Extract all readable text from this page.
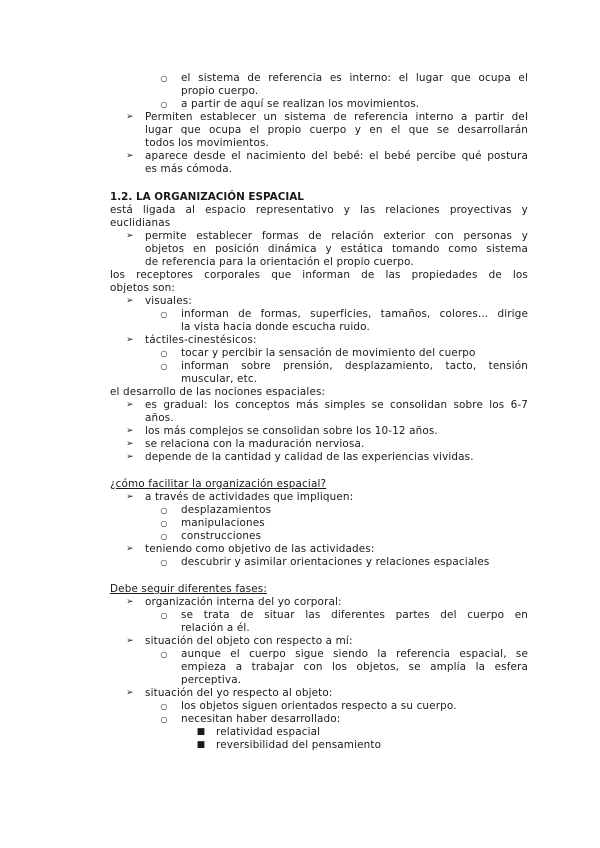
○ el sistema de referencia es interno: el lugar que ocupa el
propio cuerpo.
○ a partir de aquí se realizan los movimientos.
➢ Permiten establecer un sistema de referencia interno a partir del
lugar que ocupa el propio cuerpo y en el que se desarrollarán
todos los movimientos.
➢ aparece desde el nacimiento del bebé: el bebé percibe qué postura
es más cómoda.
1.2. LA ORGANIZACIÓN ESPACIAL
está ligada al espacio representativo y las relaciones proyectivas y
euclidianas
➢ permite establecer formas de relación exterior con personas y
objetos en posición dinámica y estática tomando como sistema
de referencia para la orientación el propio cuerpo.
los receptores corporales que informan de las propiedades de los
objetos son:
➢ visuales:
○ informan de formas, superficies, tamaños, colores... dirige
la vista hacia donde escucha ruido.
➢ táctiles-cinestésicos:
○ tocar y percibir la sensación de movimiento del cuerpo
○ informan sobre prensión, desplazamiento, tacto, tensión
muscular, etc.
el desarrollo de las nociones espaciales:
➢ es gradual: los conceptos más simples se consolidan sobre los 6-7
años.
➢ los más complejos se consolidan sobre los 10-12 años.
➢ se relaciona con la maduración nerviosa.
➢ depende de la cantidad y calidad de las experiencias vividas.
¿cómo facilitar la organización espacial?
➢ a través de actividades que impliquen:
○ desplazamientos
○ manipulaciones
○ construcciones
➢ teniendo como objetivo de las actividades:
○ descubrir y asimilar orientaciones y relaciones espaciales
Debe seguir diferentes fases:
➢ organización interna del yo corporal:
○ se trata de situar las diferentes partes del cuerpo en
relación a él.
➢ situación del objeto con respecto a mí:
○ aunque el cuerpo sigue siendo la referencia espacial, se
empieza a trabajar con los objetos, se amplía la esfera
perceptiva.
➢ situación del yo respecto al objeto:
○ los objetos siguen orientados respecto a su cuerpo.
○ necesitan haber desarrollado:
■ relatividad espacial
■ reversibilidad del pensamiento
